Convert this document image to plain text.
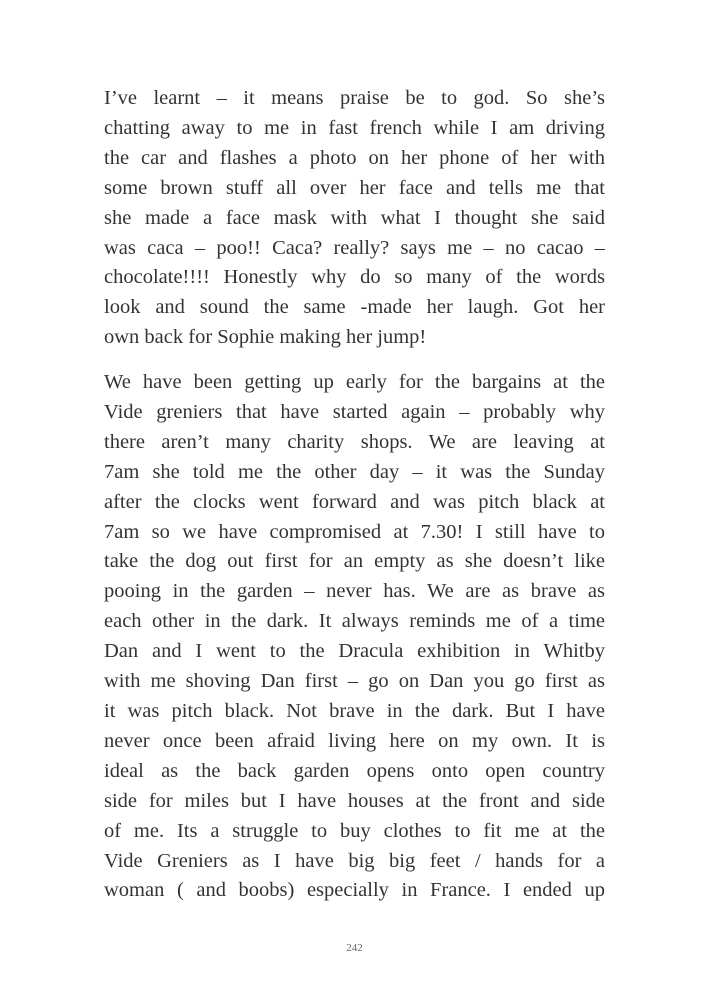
I’ve learnt – it means praise be to god. So she’s
chatting away to me in fast french while I am driving
the car and flashes a photo on her phone of her with
some brown stuff all over her face and tells me that
she made a face mask with what I thought she said
was caca – poo!! Caca? really? says me – no cacao –
chocolate!!!! Honestly why do so many of the words
look and sound the same -made her laugh. Got her
own back for Sophie making her jump!
We have been getting up early for the bargains at the
Vide greniers that have started again – probably why
there aren’t many charity shops. We are leaving at
7am she told me the other day – it was the Sunday
after the clocks went forward and was pitch black at
7am so we have compromised at 7.30! I still have to
take the dog out first for an empty as she doesn’t like
pooing in the garden – never has. We are as brave as
each other in the dark. It always reminds me of a time
Dan and I went to the Dracula exhibition in Whitby
with me shoving Dan first – go on Dan you go first as
it was pitch black. Not brave in the dark. But I have
never once been afraid living here on my own. It is
ideal as the back garden opens onto open country
side for miles but I have houses at the front and side
of me. Its a struggle to buy clothes to fit me at the
Vide Greniers as I have big big feet / hands for a
woman ( and boobs) especially in France. I ended up
242
